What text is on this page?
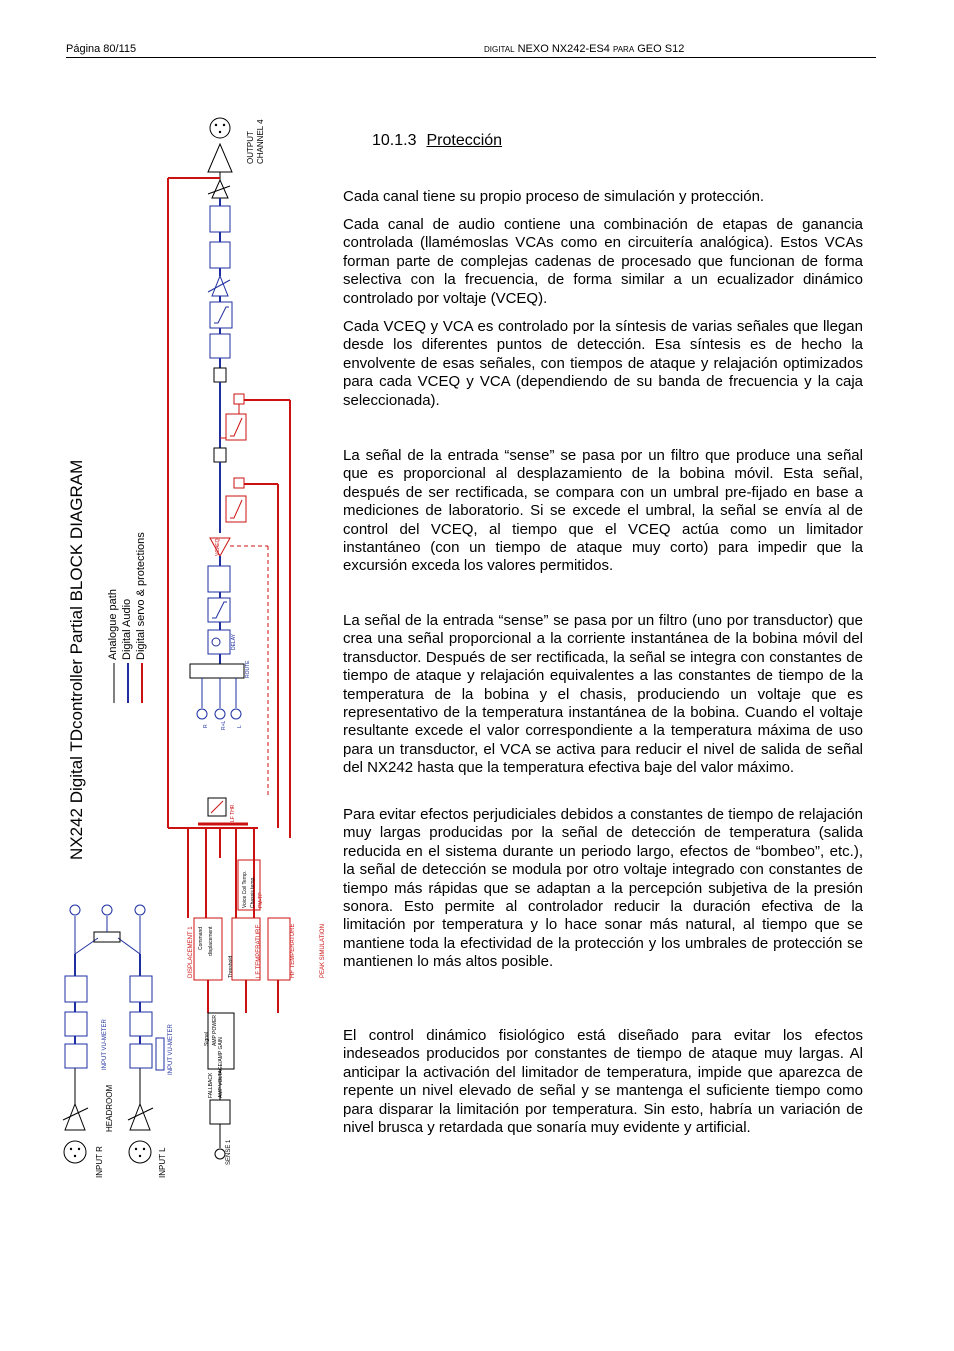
Página 80/115	DIGITAL NEXO NX242-ES4 PARA GEO S12
10.1.3 Protección
Cada canal tiene su propio proceso de simulación y protección.
Cada canal de audio contiene una combinación de etapas de ganancia controlada (llamémoslas VCAs como en circuitería analógica). Estos VCAs forman parte de complejas cadenas de procesado que funcionan de forma selectiva con la frecuencia, de forma similar a un ecualizador dinámico controlado por voltaje (VCEQ).
Cada VCEQ y VCA es controlado por la síntesis de varias señales que llegan desde los diferentes puntos de detección. Esa síntesis es de hecho la envolvente de esas señales, con tiempos de ataque y relajación optimizados para cada VCEQ y VCA (dependiendo de su banda de frecuencia y la caja seleccionada).
La señal de la entrada “sense” se pasa por un filtro que produce una señal que es proporcional al desplazamiento de la bobina móvil. Esta señal, después de ser rectificada, se compara con un umbral pre-fijado en base a mediciones de laboratorio. Si se excede el umbral, la señal se envía al de control del VCEQ, al tiempo que el VCEQ actúa como un limitador instantáneo (con un tiempo de ataque muy corto) para impedir que la excursión exceda los valores permitidos.
La señal de la entrada “sense” se pasa por un filtro (uno por transductor) que crea una señal proporcional a la corriente instantánea de la bobina móvil del transductor. Después de ser rectificada, la señal se integra con constantes de tiempo de ataque y relajación equivalentes a las constantes de tiempo de la temperatura de la bobina y el chasis, produciendo un voltaje que es representativo de la temperatura instantánea de la bobina. Cuando el voltaje resultante excede el valor correspondiente a la temperatura máxima de uso para un transductor, el VCA se activa para reducir el nivel de salida de señal del NX242 hasta que la temperatura efectiva baje del valor máximo.
Para evitar efectos perjudiciales debidos a constantes de tiempo de relajación muy largas producidas por la señal de detección de temperatura (salida reducida en el sistema durante un periodo largo, efectos de “bombeo”, etc.), la señal de detección se modula por otro voltaje integrado con constantes de tiempo más rápidas que se adaptan a la percepción subjetiva de la presión sonora. Esto permite al controlador reducir la duración efectiva de la limitación por temperatura y lo hace sonar más natural, al tiempo que se mantiene toda la efectividad de la protección y los umbrales de protección se mantienen lo más altos posible.
El control dinámico fisiológico está diseñado para evitar los efectos indeseados producidos por constantes de tiempo de ataque muy largas. Al anticipar la activación del limitador de temperatura, impide que aparezca de repente un nivel elevado de señal y se mantenga el suficiente tiempo como para disparar la limitación por temperatura. Sin esto, habría un variación de nivel brusca y retardada que sonaría muy evidente y artificial.
NX242 Digital TDcontroller Partial BLOCK DIAGRAM Analogue path Digital Audio Digital servo & protections
OUTPUT CHANNEL 4
INPUT R	INPUT L
HEADROOM
INPUT VU-METER	INPUT VU-METER
SENSE 1
DISPLACEMENT 1 Command displacement	LF TEMPERATURE	HF TEMPERATURE	PEAK SIMULATION
Voice Coil Temp. Chassis temp. PM-TP
Threshold
Signal AMP POWER
FALLBACK AMP VOLTAGE/AMP GAIN
LF THR.
DELAY
ROUTE
VCAEQ
R R+L L
